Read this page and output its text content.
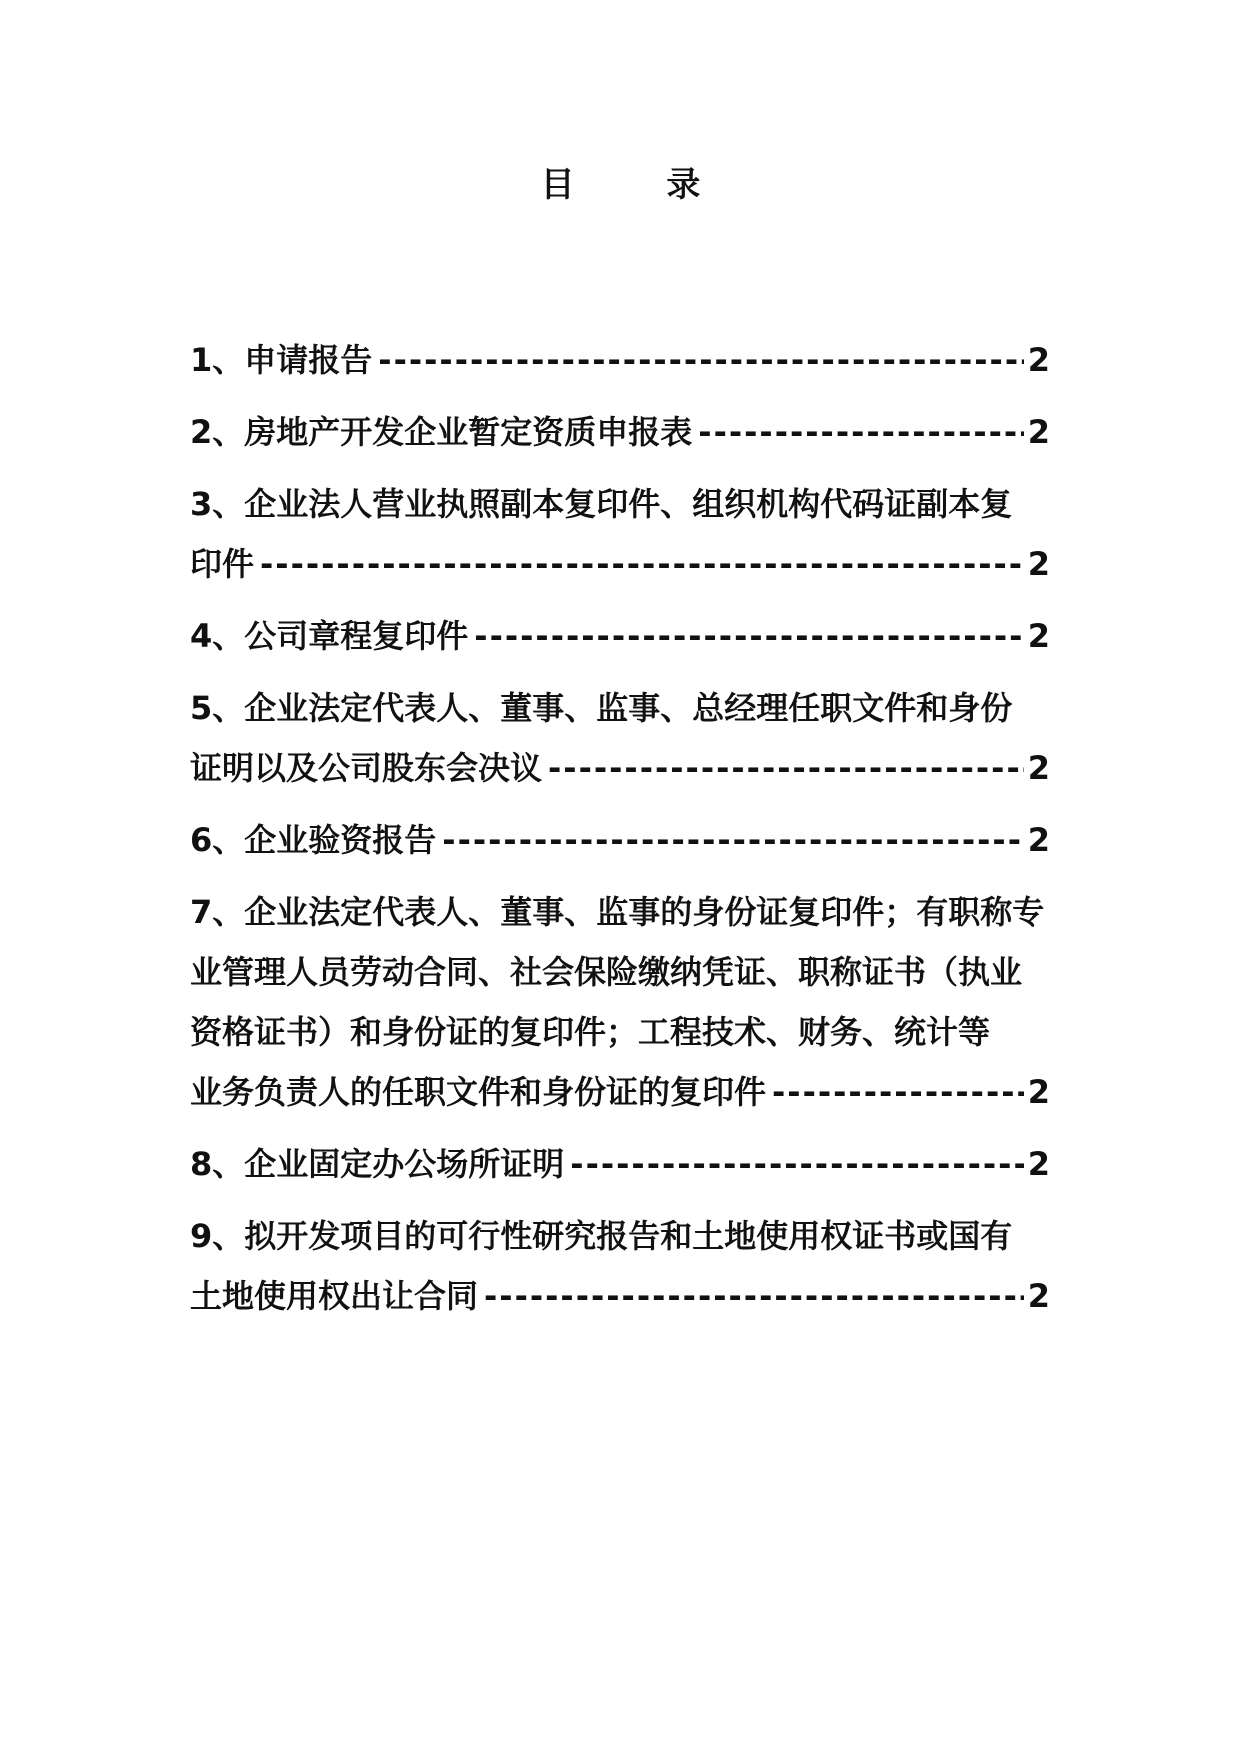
目 录
1、申请报告 -----	2
2、房地产开发企业暂定资质申报表 -----	2
3、企业法人营业执照副本复印件、组织机构代码证副本复
印件 -----	2
4、公司章程复印件 -----	2
5、企业法定代表人、董事、监事、总经理任职文件和身份
证明以及公司股东会决议 -----	2
6、企业验资报告 -----	2
7、企业法定代表人、董事、监事的身份证复印件；有职称专业管理人员劳动合同、社会保险缴纳凭证、职称证书（执业资格证书）和身份证的复印件；工程技术、财务、统计等
业务负责人的任职文件和身份证的复印件 -----	2
8、企业固定办公场所证明 -----	2
9、拟开发项目的可行性研究报告和土地使用权证书或国有
土地使用权出让合同 -----	2
